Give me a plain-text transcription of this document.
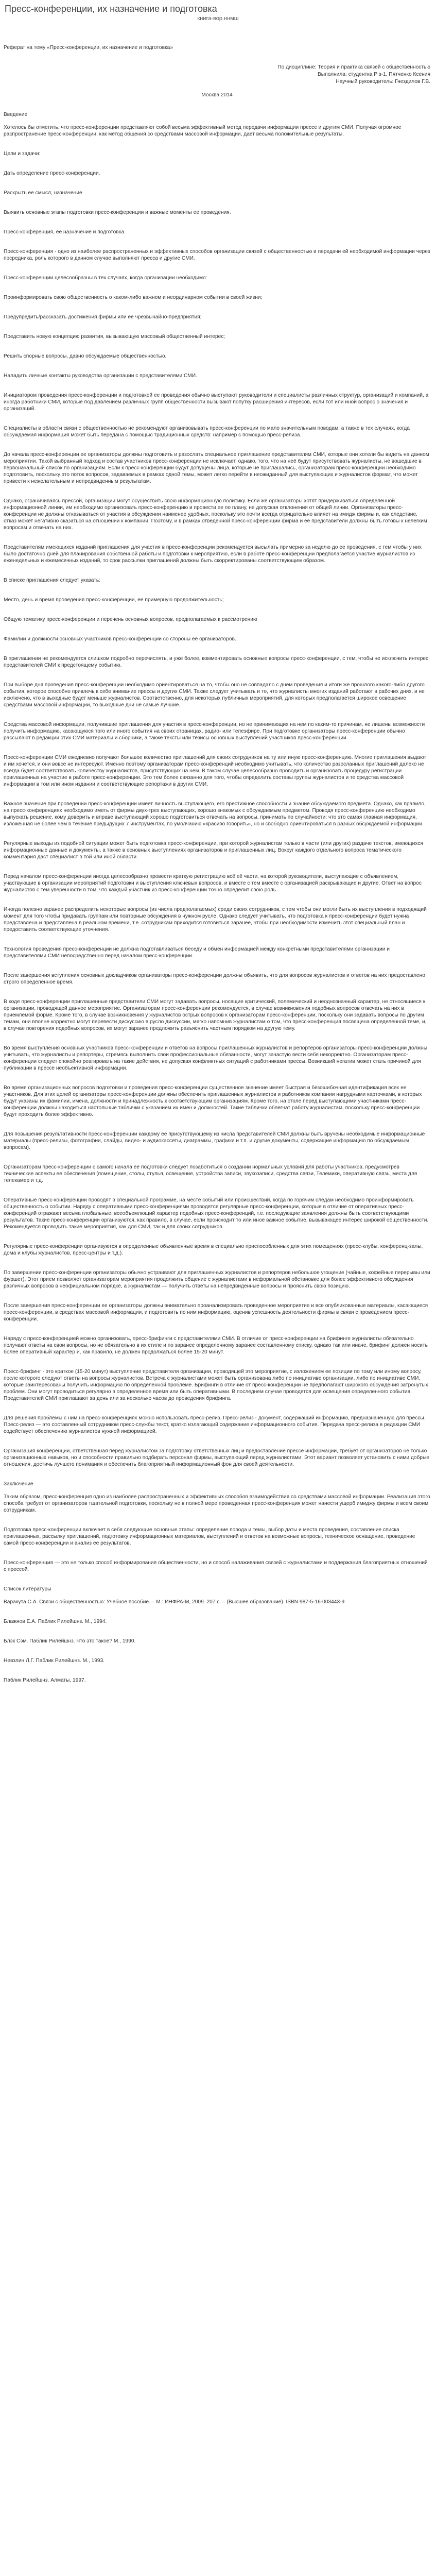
Пресс-конференции, их назначение и подготовка
книга-вор.ннмш

Реферат на тему «Пресс-конференции, их назначение и подготовка»

По дисциплине: Теория и практика связей с общественностью
Выполнила: студентка Р з-1, Пятченко Ксения
Научный руководитель: Гнездилов Г.В.

Москва 2014

Введение

Хотелось бы отметить, что пресс-конференции представляют собой весьма эффективный метод передачи информации прессе и другим СМИ. Получая огромное распространение пресс-конференции, как метод общения со средствами массовой информации, дает весьма положительные результаты.

Цели и задачи:

Дать определение пресс-конференции.

Раскрыть ее смысл, назначение

Выявить основные этапы подготовки пресс-конференции и важные моменты ее проведения.

Пресс-конференция, ее назначение и подготовка.

Пресс-конференция - одно из наиболее распространенных и эффективных способов организации связей с общественностью и передачи ей необходимой информации через посредника, роль которого в данном случае выполняют пресса и другие СМИ.

Пресс-конференции целесообразны в тех случаях, когда организации необходимо:

Проинформировать свою общественность о каком-либо важном и неординарном событии в своей жизни;

Предупредить/рассказать достижения фирмы или ее чрезвычайно-предприятия;

Представить новую концепцию развития, вызывающую массовый общественный интерес;

Решить спорные вопросы, давно обсуждаемые общественностью.

Наладить личные контакты руководства организации с представителями СМИ.

Инициатором проведения пресс-конференции и подготовкой ее проведения обычно выступают руководители и специалисты различных структур, организаций и компаний, а иногда работники СМИ, которые под давлением различных групп общественности вызывают попутку расширения интересов, если тот или иной вопрос о значения и организаций.

Специалисты в области связи с общественностью не рекомендуют организовывать пресс-конференции по мало значительным поводам, а также в тех случаях, когда обсуждаемая информация может быть передана с помощью традиционных средств: например с помощью пресс-релиза.

До начала пресс-конференции ее организаторы должны подготовить и разослать специальное приглашение представителям СМИ, которые они хотели бы видеть на данном мероприятии. Такой выбранный подход и состав участников пресс-конференции не исключает, однако, того, что на неё будут присутствовать журналисты, не вошедшие в первоначальный список по организациям. Если к пресс-конференции будут допущены лица, которые не приглашались, организаторам пресс-конференции необходимо подготовить, поскольку это поток вопросов, задаваемых в рамках одной темы, может легко перейти в неожиданный для выступающих и журналистов формат, что может привести к нежелательным и непредвиденным результатам.

Однако, ограничиваясь прессой, организации могут осуществить свою информационную политику. Если же организаторы хотят придерживаться определенной информационной линии, им необходимо организовать пресс-конференцию и провести ее по плану, не допуская отклонения от общей линии. Организаторы пресс-конференции не должны отказываться от участия в обсуждении наименее удобных, поскольку это почти всегда отрицательно влияет на имидж фирмы и, как следствие, отказ может негативно сказаться на отношении к компании. Поэтому, и в рамках отведенной пресс-конференции фирма и ее представители должны быть готовы к нелегким вопросам и отвечать на них.

Представителям имеющихся изданий приглашения для участия в пресс-конференции рекомендуется высылать примерно за неделю до ее проведения, с тем чтобы у них было достаточно дней для планирования собственной работы и подготовки к мероприятию, если в работе пресс-конференции предполагается участие журналистов из еженедельных и ежемесячных изданий, то срок рассылки приглашений должны быть скорректированы соответствующим образом.

В списке приглашения следует указать:

Место, день и время проведения пресс-конференции, ее примерную продолжительность;

Общую тематику пресс-конференции и перечень основных вопросов, предполагаемых к рассмотрению

Фамилии и должности основных участников пресс-конференции со стороны ее организаторов.

В приглашении не рекомендуется слишком подробно перечислять, и уже более, комментировать основные вопросы пресс-конференции, с тем, чтобы не исключить интерес представителей СМИ к предстоящему событию.

При выборе дня проведения пресс-конференции необходимо ориентироваться на то, чтобы оно не совпадало с днем проведения и итоги же прошлого какого-либо другого события, которое способно привлечь к себе внимание прессы и других СМИ. Также следует учитывать и то, что журналисты многих изданий работают в рабочих днях, и не исключено, что в выходные будет меньше журналистов. Соответственно, для некоторых публичных мероприятий, для которых предполагается широкое освещение средствами массовой информации, то выходные дни не самые лучшие.

Средства массовой информации, получившие приглашения для участия в пресс-конференции, но не принимающих на нем по каким-то причинам, не лишены возможности получить информацию, касающуюся того или иного события на своих страницах, радио- или телеэфире. При подготовке организаторы пресс-конференции обычно рассылают в редакции этих СМИ материалы и сборники, а также тексты или тезисы основных выступлений участников пресс-конференции.

Пресс-конференции СМИ ежедневно получают большое количество приглашений для своих сотрудников на ту или иную пресс-конференцию. Многие приглашения выдают и им хочется, и они вовсе не интересуют. Именно поэтому организаторам пресс-конференций необходимо учитывать, что количество разосланных приглашений далеко не всегда будет соответствовать количеству журналистов, присутствующих на нем. В таком случае целесообразно проводить и организовать процедуру регистрации приглашенных на участие в работе пресс-конференции. Это тем более связанно для того, чтобы определить составы группы журналистов и те средства массовой информации в том или ином издании и соответствующие репортажи в других СМИ.

Важное значение при проведении пресс-конференции имеет личность выступающего, его престижное способности и знание обсуждаемого предмета. Однако, как правило, на пресс-конференциях необходимо иметь от фирмы двух-трех выступающих, хорошо знакомых с обсуждаемым предметом. Проводя пресс-конференцию необходимо выпускать решение, кому доверить и вправе выступающий хорошо подготовиться отвечать на вопросы, принимать по случайности: что это самая главная информация, изложенная не более чем в течение предыдущих 7 инструментах, по умолчанию «красиво говорить», но и свободно ориентироваться в разных обсуждаемой информации.

Регулярные выходы из подобной ситуации может быть подготовка пресс-конференции, при которой журналистам только в части (или других) раздаче текстов, имеющихся информационные данные и документы, а также в основных выступлениях организаторов и приглашенных лиц. Вокруг каждого отдельного вопроса тематического комментария даст специалист в той или иной области.

Перед началом пресс-конференции иногда целесообразно провести краткую регистрацию всё её части, на которой руководители, выступающие с объявлением, участвующие в организации мероприятий подготовки и выступления ключевых вопросов, и вместе с тем вместе с организацией раскрывающие и другие. Ответ на вопрос журналистов с тем уверенности в том, что каждый участник из пресс-конференции точно определит свою роль.

Иногда полезно заранее распределить некоторые вопросы (из числа предполагаемых) среди своих сотрудников, с тем чтобы они могли быть их выступления в подходящий момент для того чтобы придавать группам или повторные обсуждения в нужном русле. Однако следует учитывать, что подготовка к пресс-конференции будет нужна представлена и представлена в реальном времени, т.е. сотрудникам приходится готовиться заранее, чтобы при необходимости изменить этот специальный план и предоставить соответствующие уточнения.

Технология проведения пресс-конференции не должна подготавливаться беседу и обмен информацией между конкретными представителями организации и представителями СМИ непосредственно перед началом пресс-конференции.

После завершения вступления основных докладчиков организаторы пресс-конференции должны объявить, что для вопросов журналистов и ответов на них предоставлено строго определенное время.

В ходе пресс-конференции приглашенные представители СМИ могут задавать вопросы, носящие критический, полемический и неоднозначный характер, не относящиеся к организации, проводящей данное мероприятие. Организаторам пресс-конференции рекомендуется, в случае возникновения подобных вопросов отвечать на них в приемлемой форме. Кроме того, в случае возникновения у журналистов острых вопросов к организаторам пресс-конференции, поскольку они задавать вопросы по другим темам, они вполне корректно могут перевести дискуссию в русло дискуссии, мягко напомнив журналистам о том, что пресс-конференция посвящена определенной теме, и, в случае повторения подобных вопросов, их могут заранее предложить разъяснить частным порядком на другую тему.

Во время выступления основных участников пресс-конференции и ответов на вопросы приглашенных журналистов и репортеров организаторы пресс-конференции должны учитывать, что журналисты и репортеры, стремясь выполнить свои профессиональные обязанности, могут зачастую вести себя некорректно. Организаторам пресс-конференции следует спокойно реагировать на такие действия, не допуская конфликтных ситуаций с работниками прессы. Возникший негатив может стать причиной для публикации в прессе необъективной информации.

Во время организационных вопросов подготовки и проведения пресс-конференции существенное значение имеет быстрая и безошибочная идентификация всех ее участников. Для этих целей организаторы пресс-конференции должны обеспечить приглашенных журналистов и работников компании нагрудными карточками, в которых будут указаны их фамилии, имена, должности и принадлежность к соответствующим организациям. Кроме того, на столе перед выступающими участниками пресс-конференции должны находиться настольные таблички с указанием их имен и должностей. Такие таблички облегчат работу журналистам, поскольку пресс-конференции будут проходить более эффективно.

Для повышения результативности пресс-конференции каждому ее присутствующему из числа представителей СМИ должны быть вручены необходимые информационные материалы (пресс-релизы, фотографии, слайды, видео- и аудиокассеты, диаграммы, графики и т.п. и другие документы, содержащие информацию по обсуждаемым вопросам).

Организаторам пресс-конференции с самого начала ее подготовки следует позаботиться о создании нормальных условий для работы участников, предусмотрев технические аспекты ее обеспечения (помещение, столы, стулья, освещение, устройства записи, звукозаписи, средства связи, Телемики, оперативную связь, места для телекамер и т.д.

Оперативные пресс-конференции проводят в специальной программе, на месте событий или происшествий, когда по горячим следам необходимо проинформировать общественность о событии. Наряду с оперативными пресс-конференциями проводятся регулярные пресс-конференции, которые в отличие от оперативных пресс-конференций отражают весьма глобальные, всеобъемлющий характер подобных пресс-конференций, т.е. последующие заявления должны быть соответствующими результатов. Такие пресс-конференции организуются, как правило, в случае, если происходит то или иное важное событие, вызывающее интерес широкой общественности. Рекомендуется проводить такие мероприятия, как для СМИ, так и для своих сотрудников.

Регулярные пресс-конференции организуются в определенные объявленные время в специально приспособленных для этих помещениях (пресс-клубы, конференц-залы, дома и клубы журналистов, пресс-центры и т.д.).

По завершении пресс-конференции организаторы обычно устраивают для приглашенных журналистов и репортеров небольшое угощение (чайные, кофейные перерывы или фуршет). Этот прием позволяет организаторам мероприятия продолжить общение с журналистами в неформальной обстановке для более эффективного обсуждения различных вопросов в неофициальном порядке, а журналистам — получить ответы на непредвиденные вопросы и прояснить свою позицию.

После завершения пресс-конференции ее организаторы должны внимательно проанализировать проведенное мероприятие и все опубликованные материалы, касающиеся пресс-конференции, в средствах массовой информации, и подготовить по ним информацию, оценив успешность деятельности фирмы в связи с проведением пресс-конференции.

Наряду с пресс-конференцией можно организовать, пресс-брифинги с представителями СМИ. В отличие от пресс-конференции на брифинге журналисты обязательно получают ответы на свои вопросы, но не обязательно в их стиле и по заранее определенному заранее составленному списку, однако так или иначе, брифинг должен носить более оперативный характер и, как правило, не должен продолжаться более 15-20 минут.

Пресс-брифинг - это краткое (15-20 минут) выступление представителя организации, проводящей это мероприятие, с изложением ее позиции по тому или иному вопросу, после которого следуют ответы на вопросы журналистов. Встреча с журналистами может быть организована либо по инициативе организации, либо по инициативе СМИ, которые заинтересованы получить информацию по определенной проблеме. Брифинги в отличие от пресс-конференции не предполагают широкого обсуждения затронутых проблем. Они могут проводиться регулярно в определенное время или быть оперативными. В последнем случае проводятся для освещения определенного события. Представителей СМИ приглашают за день или за несколько часов до проведения брифинга.

Для решения проблемы с ним на пресс-конференциях можно использовать пресс-релиз. Пресс-релиз - документ, содержащий информацию, предназначенную для прессы. Пресс-релиз — это составленный сотрудником пресс-службы текст, кратко излагающий содержание информационного события. Передача пресс-релиза в редакции СМИ содействует обеспечению журналистов нужной информацией.

Организация конференции, ответственная перед журналистом за подготовку ответственных лиц и предоставление прессе информации, требует от организаторов не только организационных навыков, но и способности правильно подбирать персонал фирмы, выступающий перед журналистами. Этот вариант позволяет установить с ними добрые отношения, достичь лучшего понимания и обеспечить благоприятный информационный фон для своей деятельности.

Заключение

Таким образом, пресс-конференция одно из наиболее распространенных и эффективных способов взаимодействия со средствами массовой информации. Реализация этого способа требует от организаторов тщательной подготовки, поскольку не в полной мере проведенная пресс-конференция может нанести ущерб имиджу фирмы и всем своим сотрудникам.

Подготовка пресс-конференции включает в себя следующие основные этапы: определение повода и темы, выбор даты и места проведения, составление списка приглашенных, рассылку приглашений, подготовку информационных материалов, выступлений и ответов на возможные вопросы, техническое оснащение, проведение самой пресс-конференции и анализ ее результатов.

Пресс-конференция — это не только способ информирования общественности, но и способ налаживания связей с журналистами и поддержания благоприятных отношений с прессой.

Список литературы

Варакута С.А. Связи с общественностью: Учебное пособие. – М.: ИНФРА-М, 2009. 207 с. – (Высшее образование). ISBN 987-5-16-003443-9

Блажнов Е.А. Паблик Рилейшнз. М., 1994.

Блэк Сэм. Паблик Рилейшнз. Что это такое? М., 1990.

Невзлин Л.Г. Паблик Рилейшнз. М., 1993.

Паблик Рилейшнз. Алматы, 1997.
